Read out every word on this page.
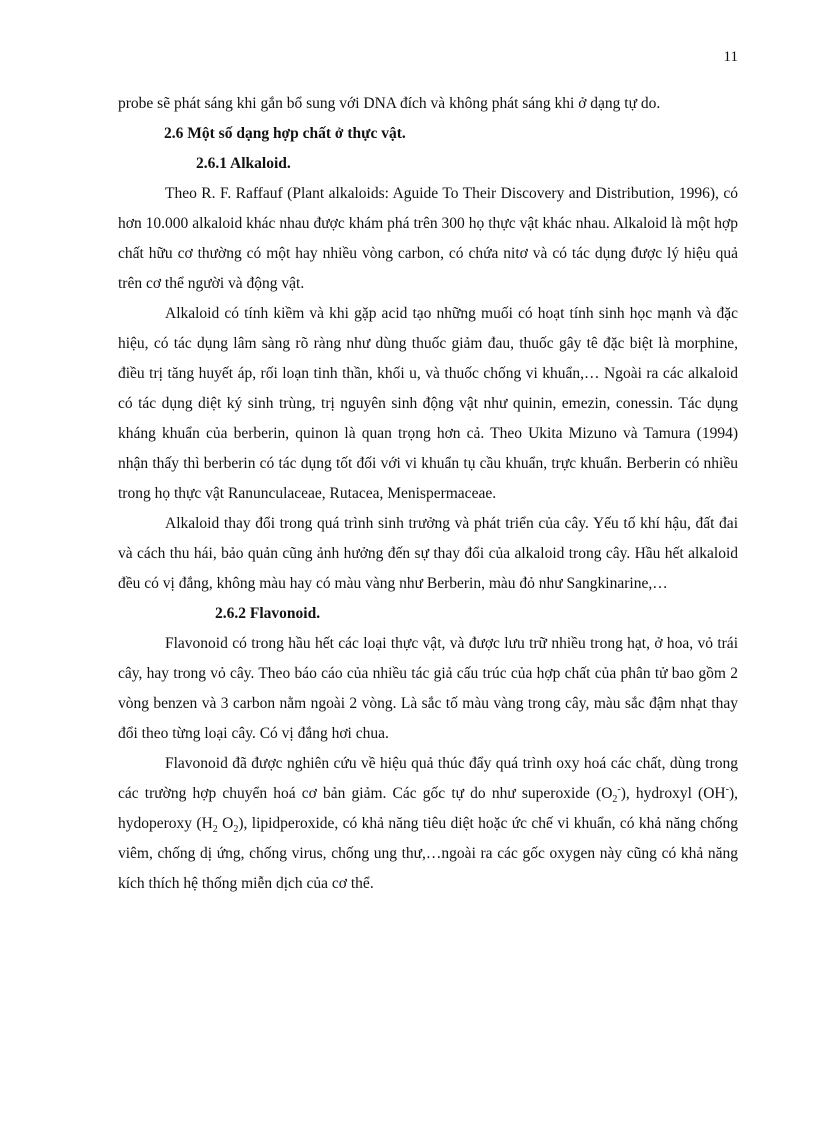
11

probe sẽ phát sáng khi gắn bổ sung với DNA đích và không phát sáng khi ở dạng tự do.

2.6 Một số dạng hợp chất ở thực vật.

2.6.1 Alkaloid.

Theo R. F. Raffauf (Plant alkaloids: Aguide To Their Discovery and Distribution, 1996), có hơn 10.000 alkaloid khác nhau được khám phá trên 300 họ thực vật khác nhau. Alkaloid là một hợp chất hữu cơ thường có một hay nhiều vòng carbon, có chứa nitơ và có tác dụng được lý hiệu quả trên cơ thể người và động vật.

Alkaloid có tính kiềm và khi gặp acid tạo những muối có hoạt tính sinh học mạnh và đặc hiệu, có tác dụng lâm sàng rõ ràng như dùng thuốc giảm đau, thuốc gây tê đặc biệt là morphine, điều trị tăng huyết áp, rối loạn tinh thần, khối u, và thuốc chống vi khuẩn,… Ngoài ra các alkaloid có tác dụng diệt ký sinh trùng, trị nguyên sinh động vật như quinin, emezin, conessin. Tác dụng kháng khuẩn của berberin, quinon là quan trọng hơn cả. Theo Ukita Mizuno và Tamura (1994) nhận thấy thì berberin có tác dụng tốt đối với vi khuẩn tụ cầu khuẩn, trực khuẩn. Berberin có nhiều trong họ thực vật Ranunculaceae, Rutacea, Menispermaceae.

Alkaloid thay đổi trong quá trình sinh trưởng và phát triển của cây. Yếu tố khí hậu, đất đai và cách thu hái, bảo quản cũng ảnh hưởng đến sự thay đổi của alkaloid trong cây. Hầu hết alkaloid đều có vị đắng, không màu hay có màu vàng như Berberin, màu đỏ như Sangkinarine,…

2.6.2 Flavonoid.

Flavonoid có trong hầu hết các loại thực vật, và được lưu trữ nhiều trong hạt, ở hoa, vỏ trái cây, hay trong vỏ cây. Theo báo cáo của nhiều tác giả cấu trúc của hợp chất của phân tử bao gồm 2 vòng benzen và 3 carbon nằm ngoài 2 vòng. Là sắc tố màu vàng trong cây, màu sắc đậm nhạt thay đổi theo từng loại cây. Có vị đắng hơi chua.

Flavonoid đã được nghiên cứu về hiệu quả thúc đẩy quá trình oxy hoá các chất, dùng trong các trường hợp chuyển hoá cơ bản giảm. Các gốc tự do như superoxide $(O_2^-)$, hydroxyl (OH-), hydoperoxy ($H_2$ $O_2$), lipidperoxide, có khả năng tiêu diệt hoặc ức chế vi khuẩn, có khả năng chống viêm, chống dị ứng, chống virus, chống ung thư,…ngoài ra các gốc oxygen này cũng có khả năng kích thích hệ thống miễn dịch của cơ thể.
